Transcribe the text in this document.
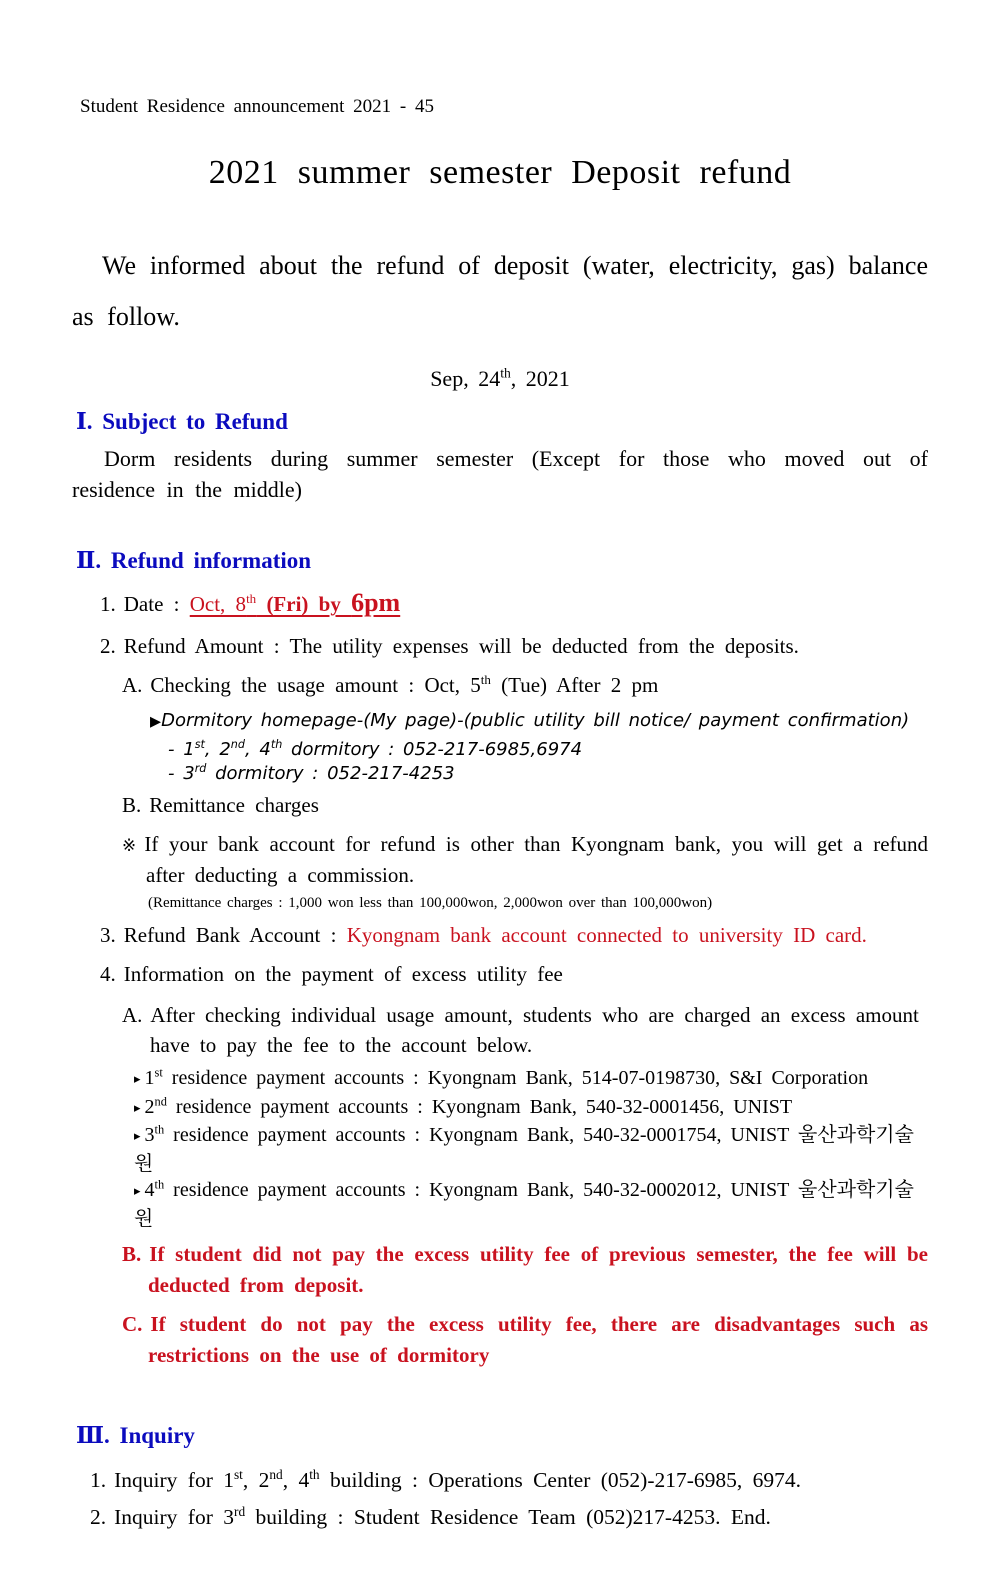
Student Residence announcement 2021 - 45
2021 summer semester Deposit refund

We informed about the refund of deposit (water, electricity, gas) balance as follow.

Sep, 24th, 2021
Ⅰ. Subject to Refund

Dorm residents during summer semester (Except for those who moved out of residence in the middle)

Ⅱ. Refund information
1. Date : Oct, 8th (Fri) by 6pm
2. Refund Amount : The utility expenses will be deducted from the deposits.
A. Checking the usage amount : Oct, 5th (Tue) After 2 pm
▶Dormitory homepage-(My page)-(public utility bill notice/ payment confirmation)
- 1st, 2nd, 4th dormitory : 052-217-6985,6974
- 3rd dormitory : 052-217-4253
B. Remittance charges
※ If your bank account for refund is other than Kyongnam bank, you will get a refund after deducting a commission.
(Remittance charges : 1,000 won less than 100,000won, 2,000won over than 100,000won)
3. Refund Bank Account : Kyongnam bank account connected to university ID card.
4. Information on the payment of excess utility fee
A. After checking individual usage amount, students who are charged an excess amount have to pay the fee to the account below.
▸ 1st residence payment accounts : Kyongnam Bank, 514-07-0198730, S&I Corporation
▸ 2nd residence payment accounts : Kyongnam Bank, 540-32-0001456, UNIST
▸ 3th residence payment accounts : Kyongnam Bank, 540-32-0001754, UNIST 울산과학기술원
▸ 4th residence payment accounts : Kyongnam Bank, 540-32-0002012, UNIST 울산과학기술원
B. If student did not pay the excess utility fee of previous semester, the fee will be deducted from deposit.
C. If student do not pay the excess utility fee, there are disadvantages such as restrictions on the use of dormitory
Ⅲ. Inquiry
1. Inquiry for 1st, 2nd, 4th building : Operations Center (052)-217-6985, 6974.
2. Inquiry for 3rd building : Student Residence Team (052)217-4253. End.
